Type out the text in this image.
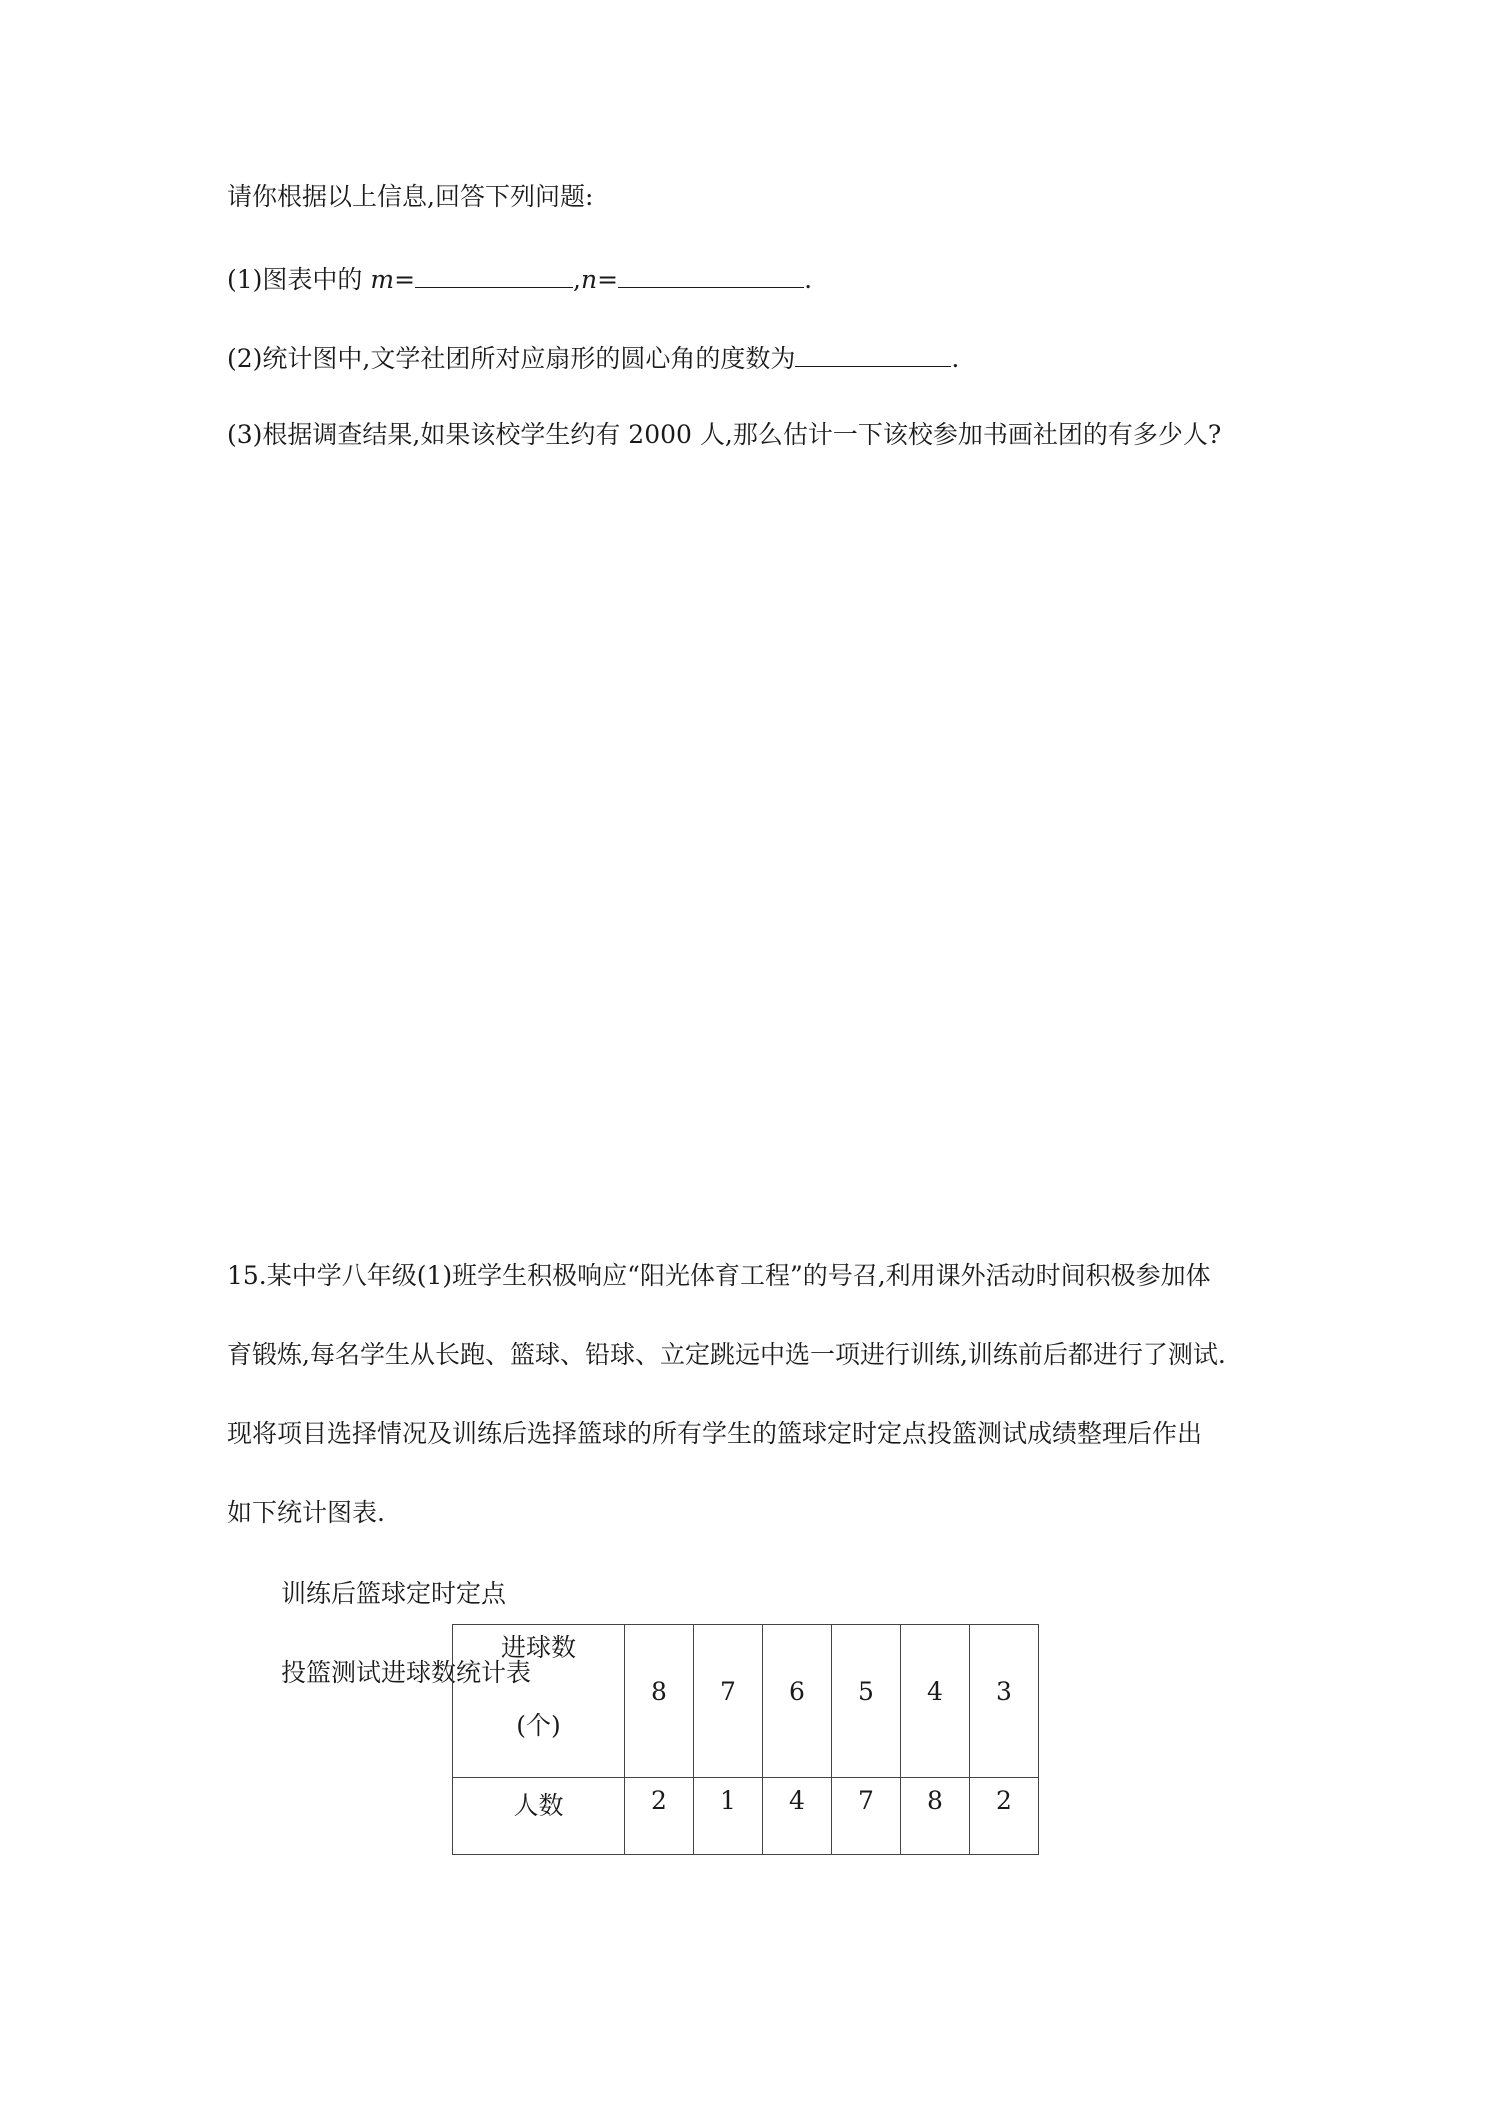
请你根据以上信息,回答下列问题:
(1)图表中的 m=	,n=	.
(2)统计图中,文学社团所对应扇形的圆心角的度数为	.
(3)根据调查结果,如果该校学生约有 2000 人,那么估计一下该校参加书画社团的有多少人?
15.某中学八年级(1)班学生积极响应“阳光体育工程”的号召,利用课外活动时间积极参加体
育锻炼,每名学生从长跑、篮球、铅球、立定跳远中选一项进行训练,训练前后都进行了测试.
现将项目选择情况及训练后选择篮球的所有学生的篮球定时定点投篮测试成绩整理后作出
如下统计图表.
训练后篮球定时定点
投篮测试进球数统计表
进球数
(个)	8	7	6	5	4	3

人数	2	1	4	7	8	2
